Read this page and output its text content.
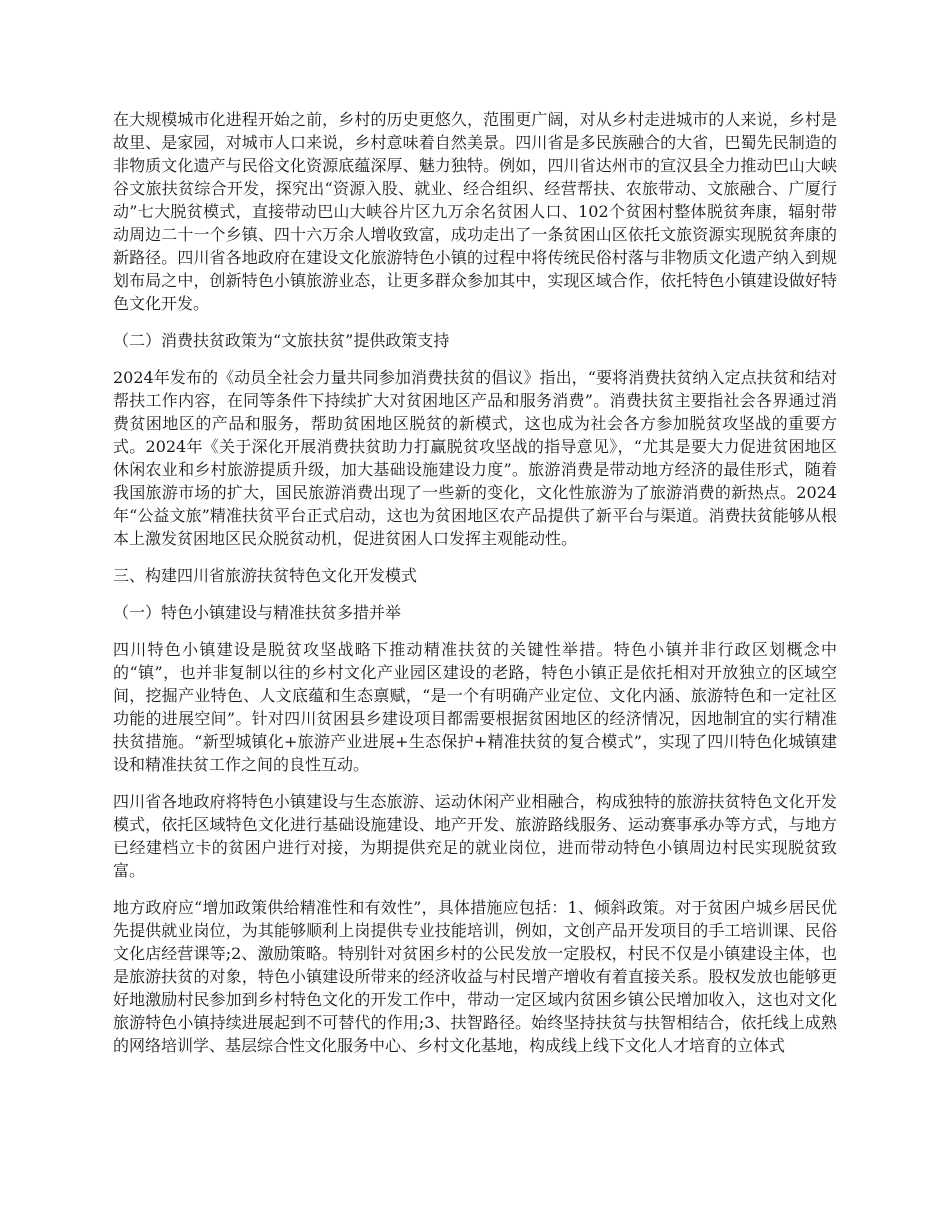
在大规模城市化进程开始之前，乡村的历史更悠久，范围更广阔，对从乡村走进城市的人来说，乡村是故里、是家园，对城市人口来说，乡村意味着自然美景。四川省是多民族融合的大省，巴蜀先民制造的非物质文化遗产与民俗文化资源底蕴深厚、魅力独特。例如，四川省达州市的宣汉县全力推动巴山大峡谷文旅扶贫综合开发，探究出“资源入股、就业、经合组织、经营帮扶、农旅带动、文旅融合、广厦行动”七大脱贫模式，直接带动巴山大峡谷片区九万余名贫困人口、102个贫困村整体脱贫奔康，辐射带动周边二十一个乡镇、四十六万余人增收致富，成功走出了一条贫困山区依托文旅资源实现脱贫奔康的新路径。四川省各地政府在建设文化旅游特色小镇的过程中将传统民俗村落与非物质文化遗产纳入到规划布局之中，创新特色小镇旅游业态，让更多群众参加其中，实现区域合作，依托特色小镇建设做好特色文化开发。

（二）消费扶贫政策为“文旅扶贫”提供政策支持

2024年发布的《动员全社会力量共同参加消费扶贫的倡议》指出，“要将消费扶贫纳入定点扶贫和结对帮扶工作内容，在同等条件下持续扩大对贫困地区产品和服务消费”。消费扶贫主要指社会各界通过消费贫困地区的产品和服务，帮助贫困地区脱贫的新模式，这也成为社会各方参加脱贫攻坚战的重要方式。2024年《关于深化开展消费扶贫助力打赢脱贫攻坚战的指导意见》，“尤其是要大力促进贫困地区休闲农业和乡村旅游提质升级，加大基础设施建设力度”。旅游消费是带动地方经济的最佳形式，随着我国旅游市场的扩大，国民旅游消费出现了一些新的变化，文化性旅游为了旅游消费的新热点。2024年“公益文旅”精准扶贫平台正式启动，这也为贫困地区农产品提供了新平台与渠道。消费扶贫能够从根本上激发贫困地区民众脱贫动机，促进贫困人口发挥主观能动性。

三、构建四川省旅游扶贫特色文化开发模式

（一）特色小镇建设与精准扶贫多措并举

四川特色小镇建设是脱贫攻坚战略下推动精准扶贫的关键性举措。特色小镇并非行政区划概念中的“镇”，也并非复制以往的乡村文化产业园区建设的老路，特色小镇正是依托相对开放独立的区域空间，挖掘产业特色、人文底蕴和生态禀赋，“是一个有明确产业定位、文化内涵、旅游特色和一定社区功能的进展空间”。针对四川贫困县乡建设项目都需要根据贫困地区的经济情况，因地制宜的实行精准扶贫措施。“新型城镇化+旅游产业进展+生态保护+精准扶贫的复合模式”，实现了四川特色化城镇建设和精准扶贫工作之间的良性互动。

四川省各地政府将特色小镇建设与生态旅游、运动休闲产业相融合，构成独特的旅游扶贫特色文化开发模式，依托区域特色文化进行基础设施建设、地产开发、旅游路线服务、运动赛事承办等方式，与地方已经建档立卡的贫困户进行对接，为期提供充足的就业岗位，进而带动特色小镇周边村民实现脱贫致富。

地方政府应“增加政策供给精准性和有效性”，具体措施应包括：1、倾斜政策。对于贫困户城乡居民优先提供就业岗位，为其能够顺利上岗提供专业技能培训，例如，文创产品开发项目的手工培训课、民俗文化店经营课等;2、激励策略。特别针对贫困乡村的公民发放一定股权，村民不仅是小镇建设主体，也是旅游扶贫的对象，特色小镇建设所带来的经济收益与村民增产增收有着直接关系。股权发放也能够更好地激励村民参加到乡村特色文化的开发工作中，带动一定区域内贫困乡镇公民增加收入，这也对文化旅游特色小镇持续进展起到不可替代的作用;3、扶智路径。始终坚持扶贫与扶智相结合，依托线上成熟的网络培训学、基层综合性文化服务中心、乡村文化基地，构成线上线下文化人才培育的立体式
